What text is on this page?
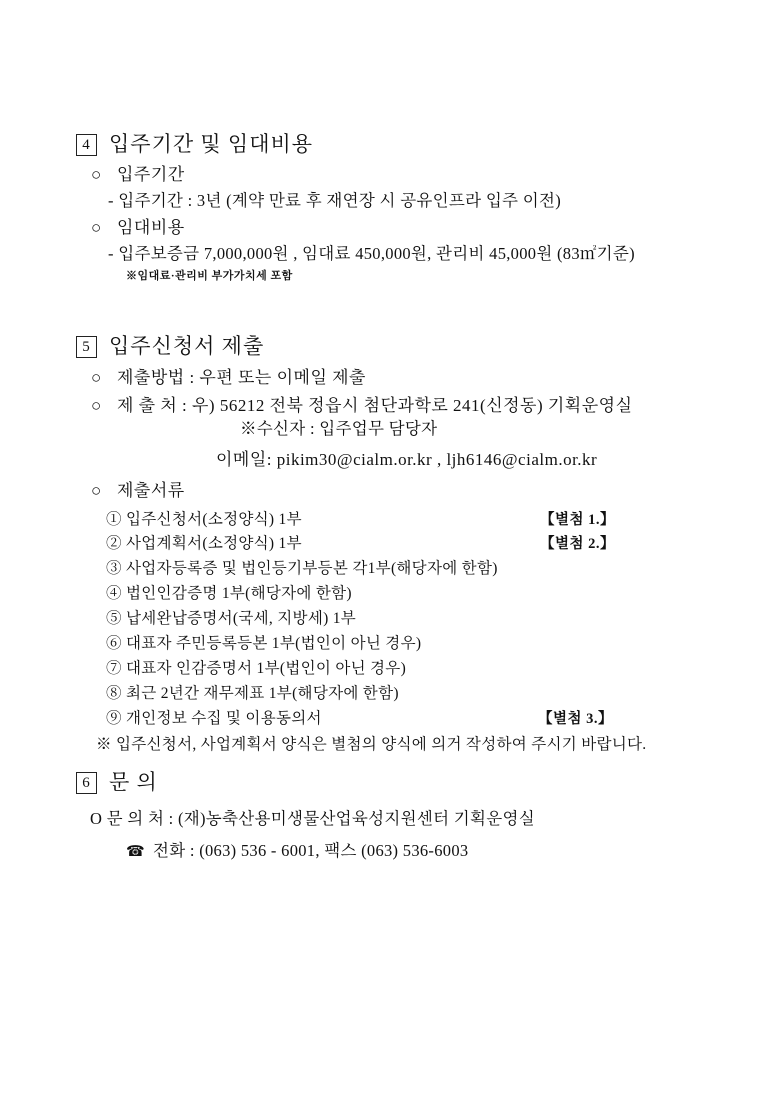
4 입주기간 및 임대비용
○ 입주기간
- 입주기간 : 3년 (계약 만료 후 재연장 시 공유인프라 입주 이전)
○ 임대비용
- 입주보증금 7,000,000원 , 임대료 450,000원, 관리비 45,000원 (83㎡기준)
※임대료·관리비 부가가치세 포함
5 입주신청서 제출
○ 제출방법 : 우편 또는 이메일 제출
○ 제 출 처 : 우) 56212 전북 정읍시 첨단과학로 241(신정동) 기획운영실
※수신자 : 입주업무 담당자
이메일: pikim30@cialm.or.kr , ljh6146@cialm.or.kr
○ 제출서류
① 입주신청서(소정양식) 1부	【별첨 1.】
② 사업계획서(소정양식) 1부	【별첨 2.】
③ 사업자등록증 및 법인등기부등본 각1부(해당자에 한함)
④ 법인인감증명 1부(해당자에 한함)
⑤ 납세완납증명서(국세, 지방세) 1부
⑥ 대표자 주민등록등본 1부(법인이 아닌 경우)
⑦ 대표자 인감증명서 1부(법인이 아닌 경우)
⑧ 최근 2년간 재무제표 1부(해당자에 한함)
⑨ 개인정보 수집 및 이용동의서	【별첨 3.】
※ 입주신청서, 사업계획서 양식은 별첨의 양식에 의거 작성하여 주시기 바랍니다.
6 문 의
O 문 의 처 : (재)농축산용미생물산업육성지원센터 기획운영실
☎ 전화 : (063) 536 - 6001, 팩스 (063) 536-6003
